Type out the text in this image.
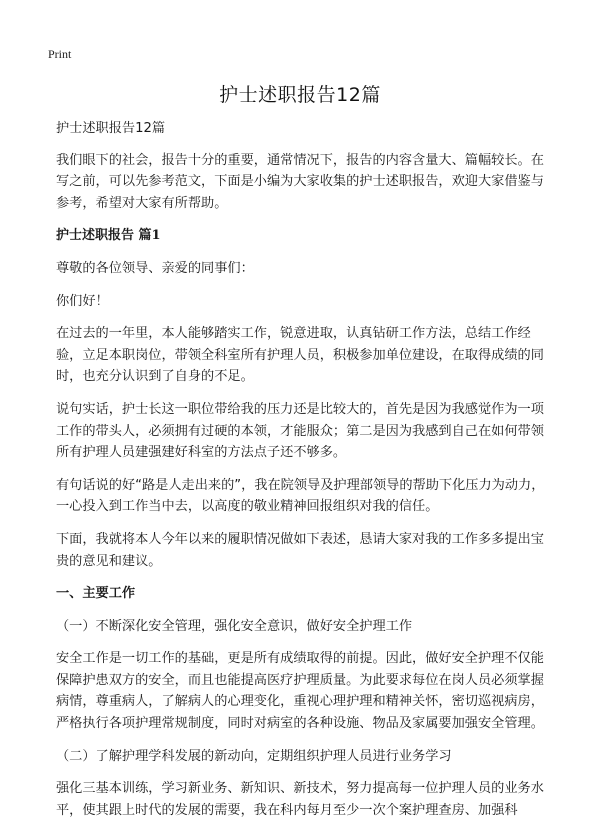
Print
护士述职报告12篇

护士述职报告12篇

我们眼下的社会，报告十分的重要，通常情况下，报告的内容含量大、篇幅较长。在写之前，可以先参考范文，下面是小编为大家收集的护士述职报告，欢迎大家借鉴与参考，希望对大家有所帮助。

护士述职报告 篇1

尊敬的各位领导、亲爱的同事们：

你们好！

在过去的一年里，本人能够踏实工作，锐意进取，认真钻研工作方法，总结工作经验，立足本职岗位，带领全科室所有护理人员，积极参加单位建设，在取得成绩的同时，也充分认识到了自身的不足。

说句实话，护士长这一职位带给我的压力还是比较大的，首先是因为我感觉作为一项工作的带头人，必须拥有过硬的本领，才能服众；第二是因为我感到自己在如何带领所有护理人员建强建好科室的方法点子还不够多。

有句话说的好“路是人走出来的”，我在院领导及护理部领导的帮助下化压力为动力，一心投入到工作当中去，以高度的敬业精神回报组织对我的信任。

下面，我就将本人今年以来的履职情况做如下表述，恳请大家对我的工作多多提出宝贵的意见和建议。

一、主要工作

（一）不断深化安全管理，强化安全意识，做好安全护理工作

安全工作是一切工作的基础，更是所有成绩取得的前提。因此，做好安全护理不仅能保障护患双方的安全，而且也能提高医疗护理质量。为此要求每位在岗人员必须掌握病情，尊重病人，了解病人的心理变化，重视心理护理和精神关怀，密切巡视病房，严格执行各项护理常规制度，同时对病室的各种设施、物品及家属要加强安全管理。

（二）了解护理学科发展的新动向，定期组织护理人员进行业务学习

强化三基本训练，学习新业务、新知识、新技术，努力提高每一位护理人员的业务水平，使其跟上时代的发展的需要，我在科内每月至少一次个案护理查房、加强科
